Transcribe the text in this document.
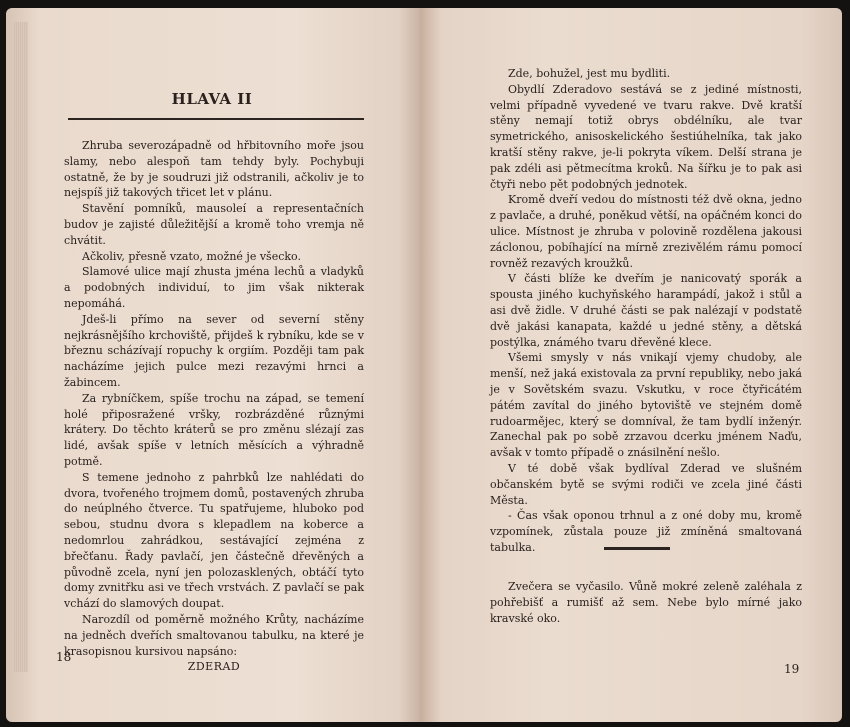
HLAVA II

Zhruba severozápadně od hřbitovního moře jsou slamy, nebo alespoň tam tehdy byly. Pochybuji ostatně, že by je soudruzi již odstranili, ačkoliv je to nejspíš již takových třicet let v plánu.

Stavění pomníků, mausoleí a representačních budov je zajisté důležitější a kromě toho vremja ně chvátit.

Ačkoliv, přesně vzato, možné je všecko.

Slamové ulice mají zhusta jména lechů a vladyků a podobných individuí, to jim však nikterak nepomáhá.

Jdeš-li přímo na sever od severní stěny nejkrásnějšího krchoviště, přijdeš k rybníku, kde se v březnu scházívají ropuchy k orgiím. Později tam pak nacházíme jejich pulce mezi rezavými hrnci a žabincem.

Za rybníčkem, spíše trochu na západ, se temení holé připosražené vršky, rozbrázděné různými krátery. Do těchto kráterů se pro změnu slézají zas lidé, avšak spíše v letních měsících a výhradně potmě.

S temene jednoho z pahrbků lze nahlédati do dvora, tvořeného trojmem domů, postavených zhruba do neúplného čtverce. Tu spatřujeme, hluboko pod sebou, studnu dvora s klepadlem na koberce a nedomrlou zahrádkou, sestávající zejména z břečťanu. Řady pavlačí, jen částečně dřevěných a původně zcela, nyní jen polozasklených, obtáčí tyto domy zvnitřku asi ve třech vrstvách. Z pavlačí se pak vchází do slamových doupat.

Narozdíl od poměrně možného Krůty, nacházíme na jedněch dveřích smaltovanou tabulku, na které je krasopisnou kursivou napsáno:

ZDERAD

18

Zde, bohužel, jest mu bydliti.

Obydlí Zderadovo sestává se z jediné místnosti, velmi případně vyvedené ve tvaru rakve. Dvě kratší stěny nemají totiž obrys obdélníku, ale tvar symetrického, anisoskelického šestiúhelníka, tak jako kratší stěny rakve, je-li pokryta víkem. Delší strana je pak zdéli asi pětmecítma kroků. Na šířku je to pak asi čtyři nebo pět podobných jednotek.

Kromě dveří vedou do místnosti též dvě okna, jedno z pavlače, a druhé, poněkud větší, na opáčném konci do ulice. Místnost je zhruba v polovině rozdělena jakousi záclonou, pobíhající na mírně zrezivělém rámu pomocí rovněž rezavých kroužků.

V části blíže ke dveřím je nanicovatý sporák a spousta jiného kuchyňského harampádí, jakož i stůl a asi dvě židle. V druhé části se pak nalézají v podstatě dvě jakási kanapata, každé u jedné stěny, a dětská postýlka, známého tvaru dřevěné klece.

Všemi smysly v nás vnikají vjemy chudoby, ale menší, než jaká existovala za první republiky, nebo jaká je v Sovětském svazu. Vskutku, v roce čtyřicátém pátém zavítal do jiného bytoviště ve stejném domě rudoarmějec, který se domníval, že tam bydlí inženýr. Zanechal pak po sobě zrzavou dcerku jménem Naďu, avšak v tomto případě o znásilnění nešlo.

V té době však bydlíval Zderad ve slušném občanském bytě se svými rodiči ve zcela jiné části Města.

- Čas však oponou trhnul a z oné doby mu, kromě vzpomínek, zůstala pouze již zmíněná smaltovaná tabulka.

Zvečera se vyčasilo. Vůně mokré zeleně zaléhala z pohřebišť a rumišť až sem. Nebe bylo mírné jako kravské oko.

19
